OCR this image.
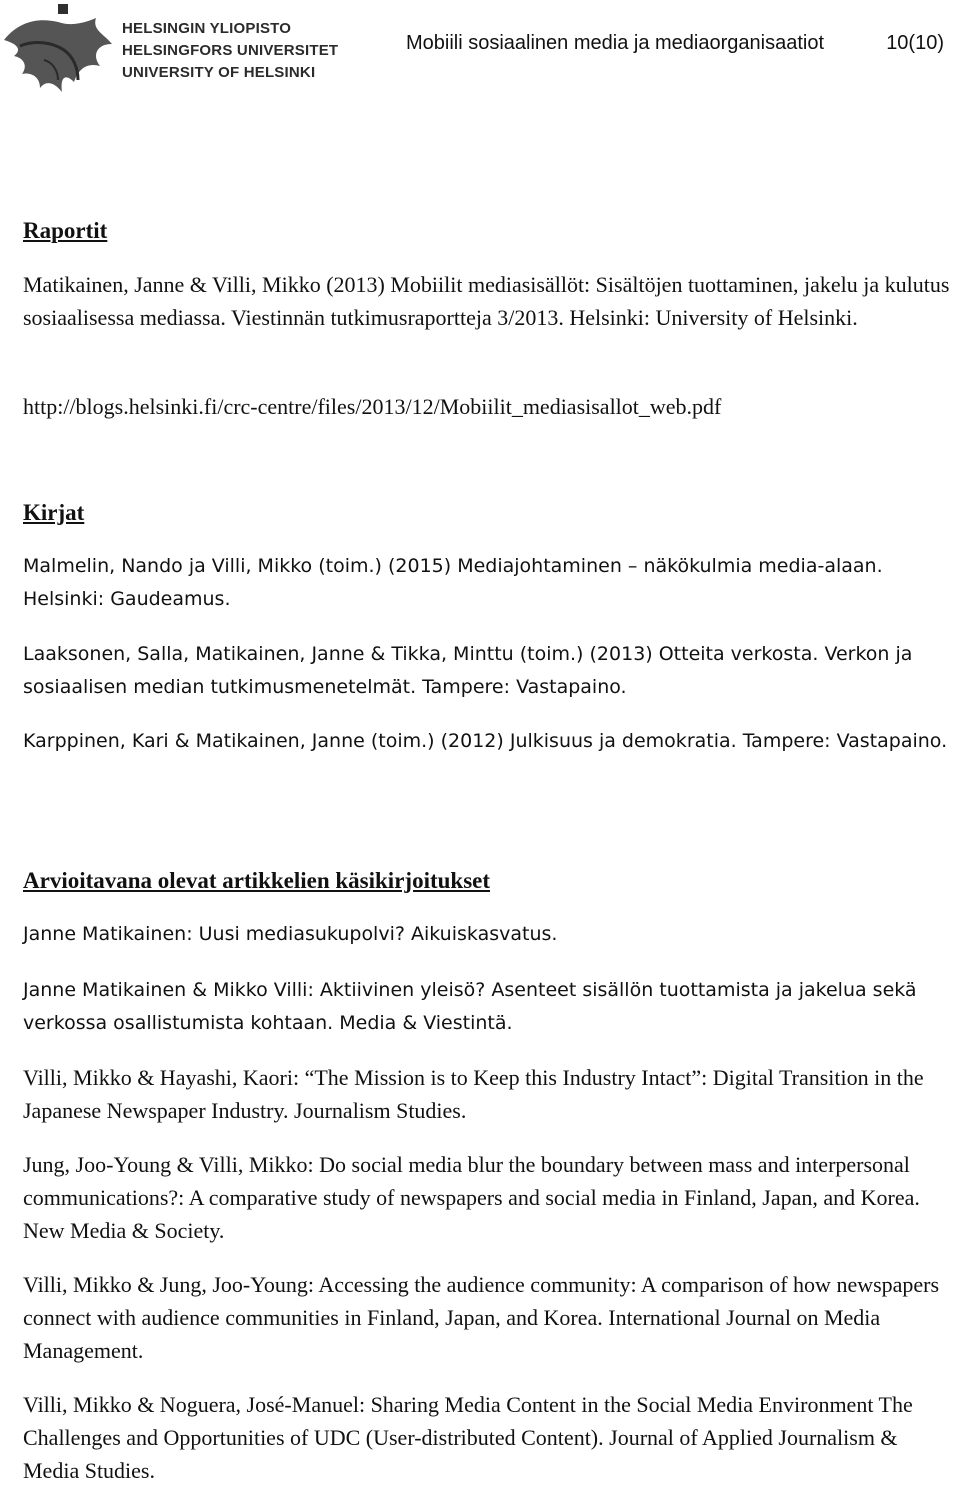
HELSINGIN YLIOPISTO
HELSINGFORS UNIVERSITET
UNIVERSITY OF HELSINKI
Mobiili sosiaalinen media ja mediaorganisaatiot	10(10)
Raportit
Matikainen, Janne & Villi, Mikko (2013) Mobiilit mediasisällöt: Sisältöjen tuottaminen, jakelu ja kulutus sosiaalisessa mediassa. Viestinnän tutkimusraportteja 3/2013. Helsinki: University of Helsinki.
http://blogs.helsinki.fi/crc-centre/files/2013/12/Mobiilit_mediasisallot_web.pdf
Kirjat
Malmelin, Nando ja Villi, Mikko (toim.) (2015) Mediajohtaminen – näkökulmia media-alaan. Helsinki: Gaudeamus.
Laaksonen, Salla, Matikainen, Janne & Tikka, Minttu (toim.) (2013) Otteita verkosta. Verkon ja sosiaalisen median tutkimusmenetelmät. Tampere: Vastapaino.
Karppinen, Kari & Matikainen, Janne (toim.) (2012) Julkisuus ja demokratia. Tampere: Vastapaino.
Arvioitavana olevat artikkelien käsikirjoitukset
Janne Matikainen: Uusi mediasukupolvi? Aikuiskasvatus.
Janne Matikainen & Mikko Villi: Aktiivinen yleisö? Asenteet sisällön tuottamista ja jakelua sekä verkossa osallistumista kohtaan. Media & Viestintä.
Villi, Mikko & Hayashi, Kaori: “The Mission is to Keep this Industry Intact”: Digital Transition in the Japanese Newspaper Industry. Journalism Studies.
Jung, Joo-Young & Villi, Mikko: Do social media blur the boundary between mass and interpersonal communications?: A comparative study of newspapers and social media in Finland, Japan, and Korea. New Media & Society.
Villi, Mikko & Jung, Joo-Young: Accessing the audience community: A comparison of how newspapers connect with audience communities in Finland, Japan, and Korea. International Journal on Media Management.
Villi, Mikko & Noguera, José-Manuel: Sharing Media Content in the Social Media Environment The Challenges and Opportunities of UDC (User-distributed Content). Journal of Applied Journalism & Media Studies.
